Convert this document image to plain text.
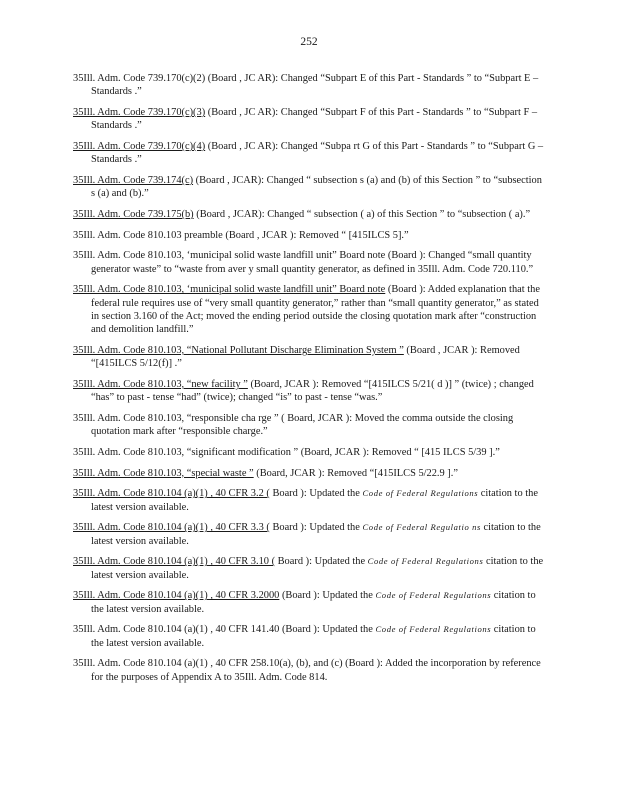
252

35Ill. Adm. Code 739.170(c)(2) (Board , JC AR): Changed “Subpart E of this Part - Standards ” to “Subpart E – Standards .”

35Ill. Adm. Code 739.170(c)(3) (Board , JC AR): Changed “Subpart F of this Part - Standards ” to “Subpart F – Standards .”

35Ill. Adm. Code 739.170(c)(4) (Board , JC AR): Changed “Subpa rt G of this Part - Standards ” to “Subpart G – Standards .”

35Ill. Adm. Code 739.174(c) (Board , JCAR): Changed “ subsection s (a) and (b) of this Section ” to “subsection s (a) and (b).”

35Ill. Adm. Code 739.175(b) (Board , JCAR): Changed “ subsection ( a) of this Section ” to “subsection ( a).”

35Ill. Adm. Code 810.103 preamble (Board , JCAR ): Removed “ [415ILCS 5].”

35Ill. Adm. Code 810.103, ‘municipal solid waste landfill unit” Board note (Board ): Changed “small quantity generator waste” to “waste from aver y small quantity generator, as defined in 35Ill. Adm. Code 720.110.”

35Ill. Adm. Code 810.103, ‘municipal solid waste landfill unit” Board note (Board ): Added explanation that the federal rule requires use of “very small quantity generator,” rather than “small quantity generator,” as stated in section 3.160 of the Act; moved the ending period outside the closing quotation mark after “construction and demolition landfill.”

35Ill. Adm. Code 810.103, “National Pollutant Discharge Elimination System ” (Board , JCAR ): Removed “[415ILCS 5/12(f)] .”

35Ill. Adm. Code 810.103, “new facility ” (Board, JCAR ): Removed “[415ILCS 5/21( d )] ” (twice) ; changed “has” to past - tense “had” (twice); changed “is” to past - tense “was.”

35Ill. Adm. Code 810.103, “responsible cha rge ” ( Board, JCAR ): Moved the comma outside the closing quotation mark after “responsible charge.”

35Ill. Adm. Code 810.103, “significant modification ” (Board, JCAR ): Removed “ [415 ILCS 5/39 ].”

35Ill. Adm. Code 810.103, “special waste ” (Board, JCAR ): Removed “[415ILCS 5/22.9 ].”

35Ill. Adm. Code 810.104 (a)(1) , 40 CFR 3.2 ( Board ): Updated the Code of Federal Regulations citation to the latest version available.

35Ill. Adm. Code 810.104 (a)(1) , 40 CFR 3.3 ( Board ): Updated the Code of Federal Regulatio ns citation to the latest version available.

35Ill. Adm. Code 810.104 (a)(1) , 40 CFR 3.10 ( Board ): Updated the Code of Federal Regulations citation to the latest version available.

35Ill. Adm. Code 810.104 (a)(1) , 40 CFR 3.2000 (Board ): Updated the Code of Federal Regulations citation to the latest version available.

35Ill. Adm. Code 810.104 (a)(1) , 40 CFR 141.40 (Board ): Updated the Code of Federal Regulations citation to the latest version available.

35Ill. Adm. Code 810.104 (a)(1) , 40 CFR 258.10(a), (b), and (c) (Board ): Added the incorporation by reference for the purposes of Appendix A to 35Ill. Adm. Code 814.
